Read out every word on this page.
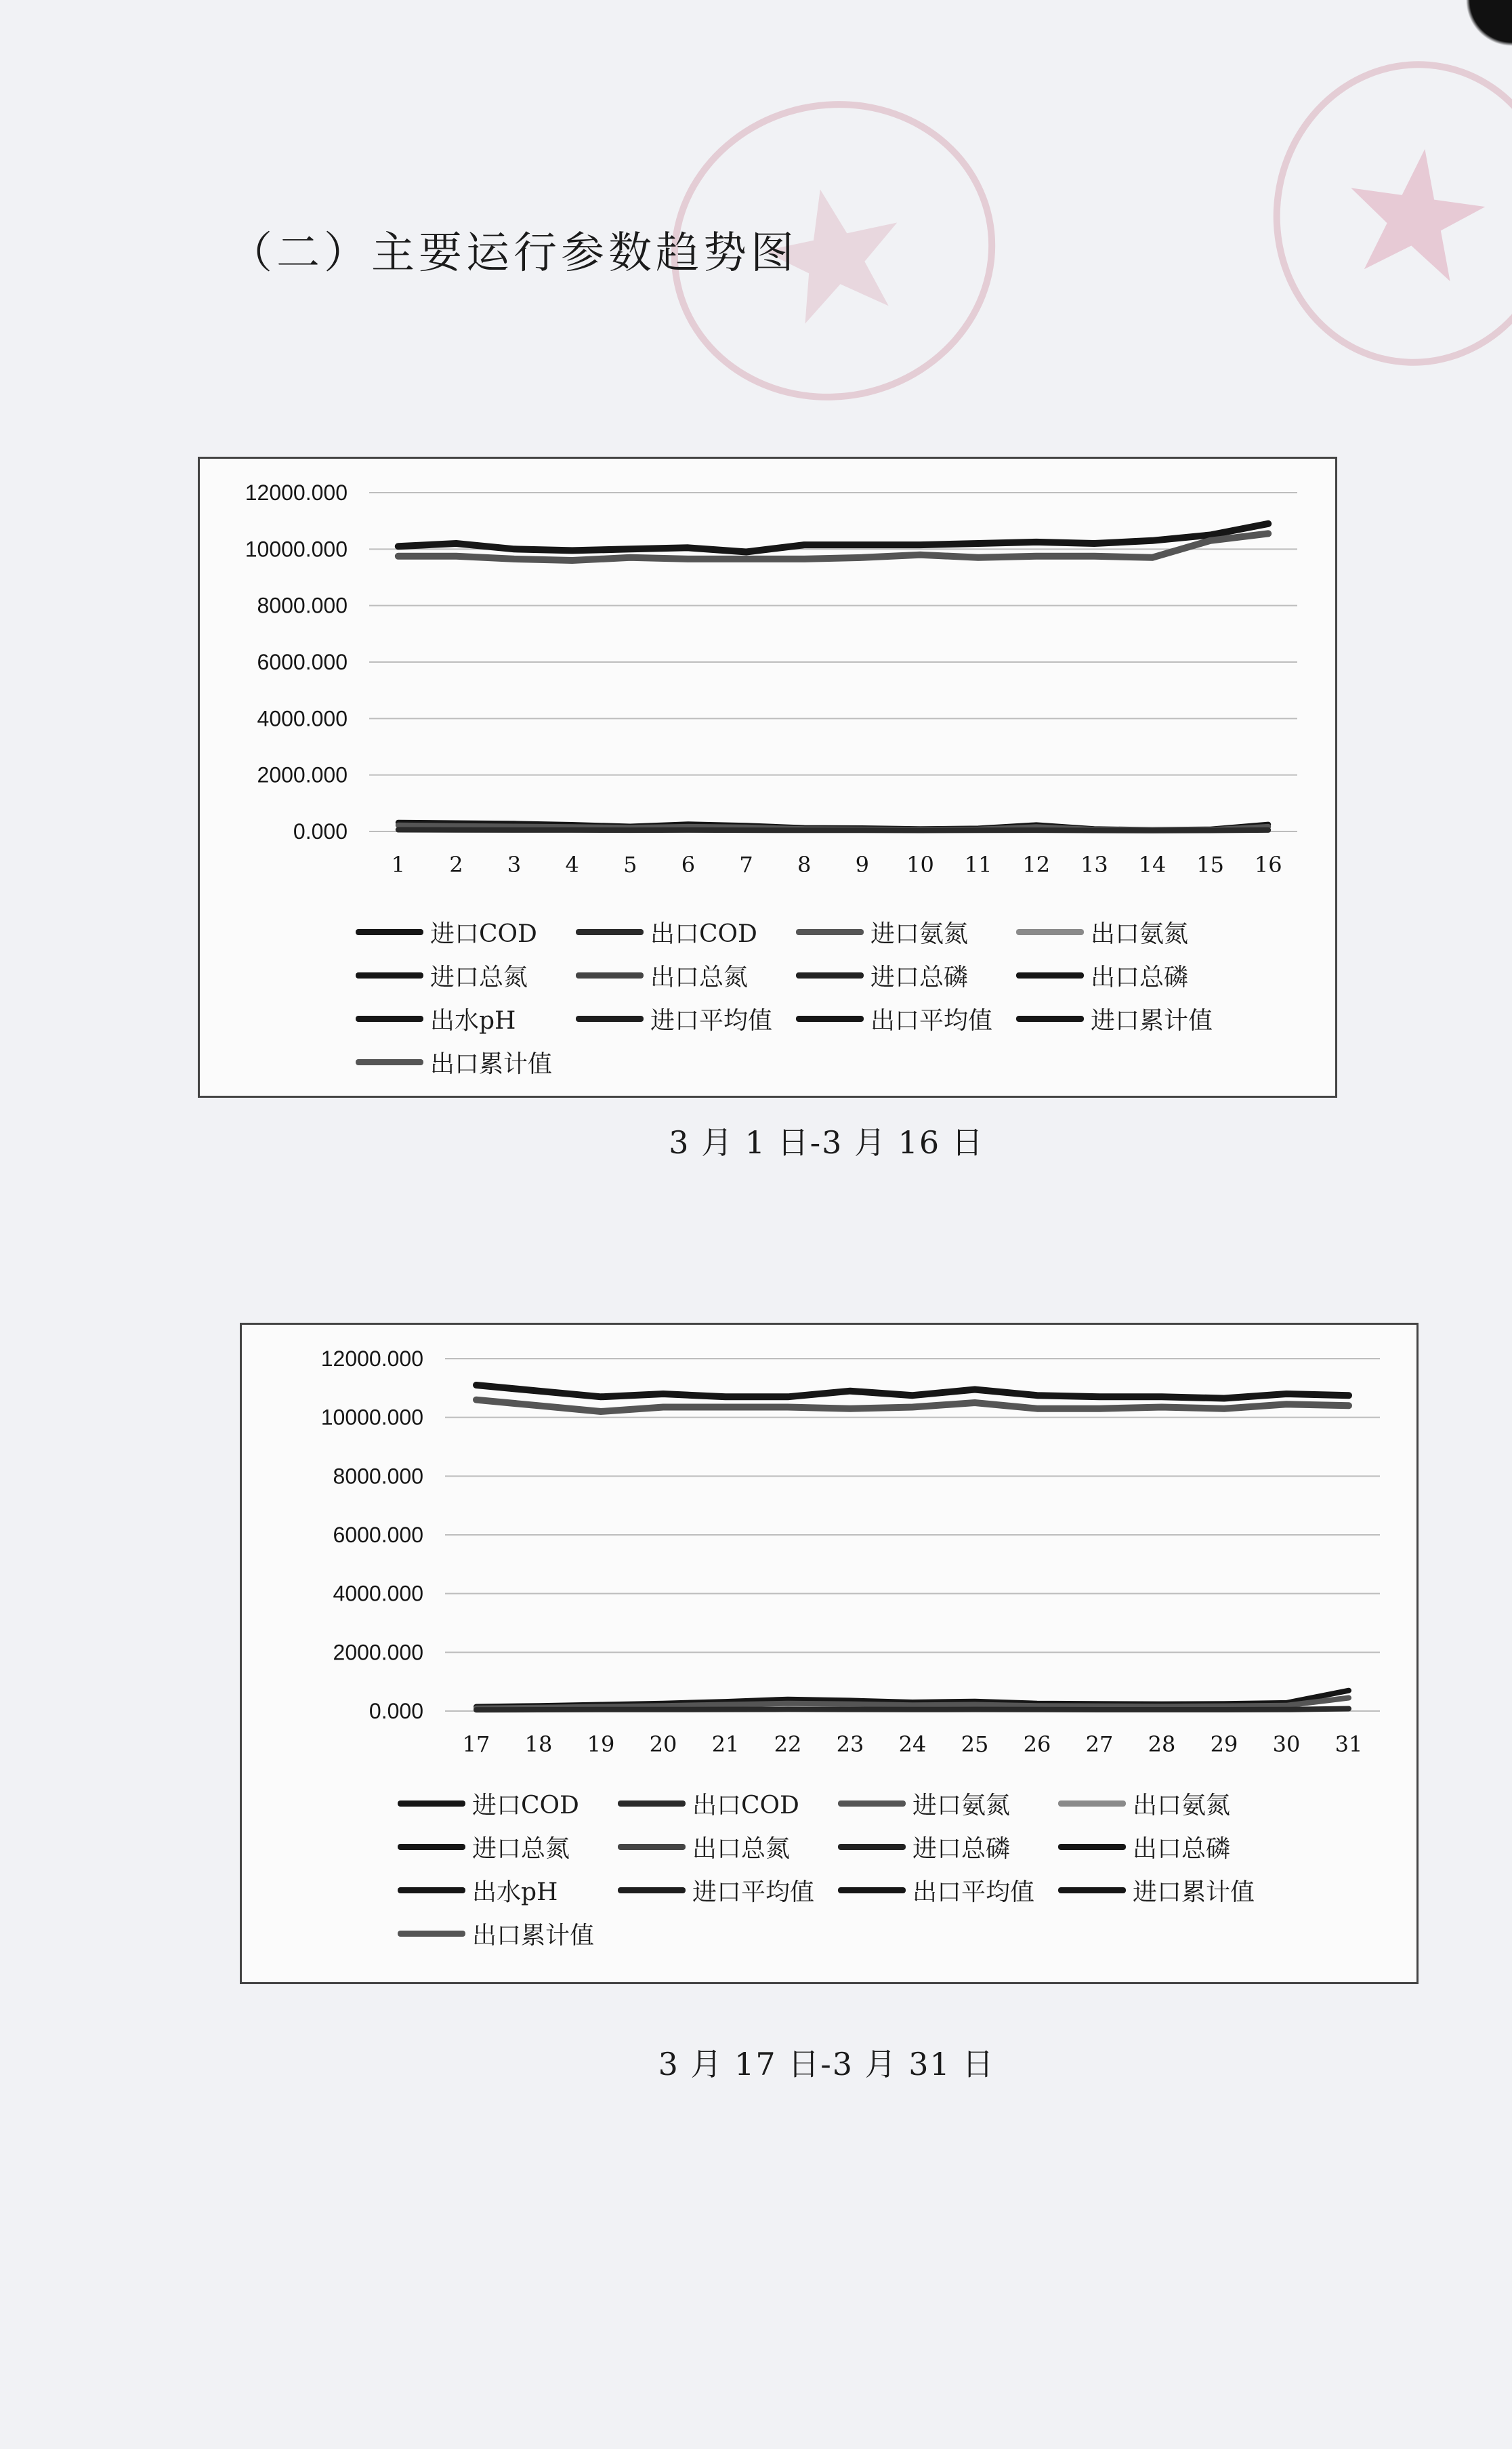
（二）主要运行参数趋势图
0.000
2000.000
4000.000
6000.000
8000.000
10000.000
12000.000
1 2 3 4 5 6 7 8 9 10 11 12 13 14 15 16
进口COD	出口COD	进口氨氮	出口氨氮
进口总氮	出口总氮	进口总磷	出口总磷
出水pH	进口平均值	出口平均值	进口累计值
出口累计值
3 月 1 日-3 月 16 日
0.000
2000.000
4000.000
6000.000
8000.000
10000.000
12000.000
17 18 19 20 21 22 23 24 25 26 27 28 29 30 31
进口COD	出口COD	进口氨氮	出口氨氮
进口总氮	出口总氮	进口总磷	出口总磷
出水pH	进口平均值	出口平均值	进口累计值
出口累计值
3 月 17 日-3 月 31 日
